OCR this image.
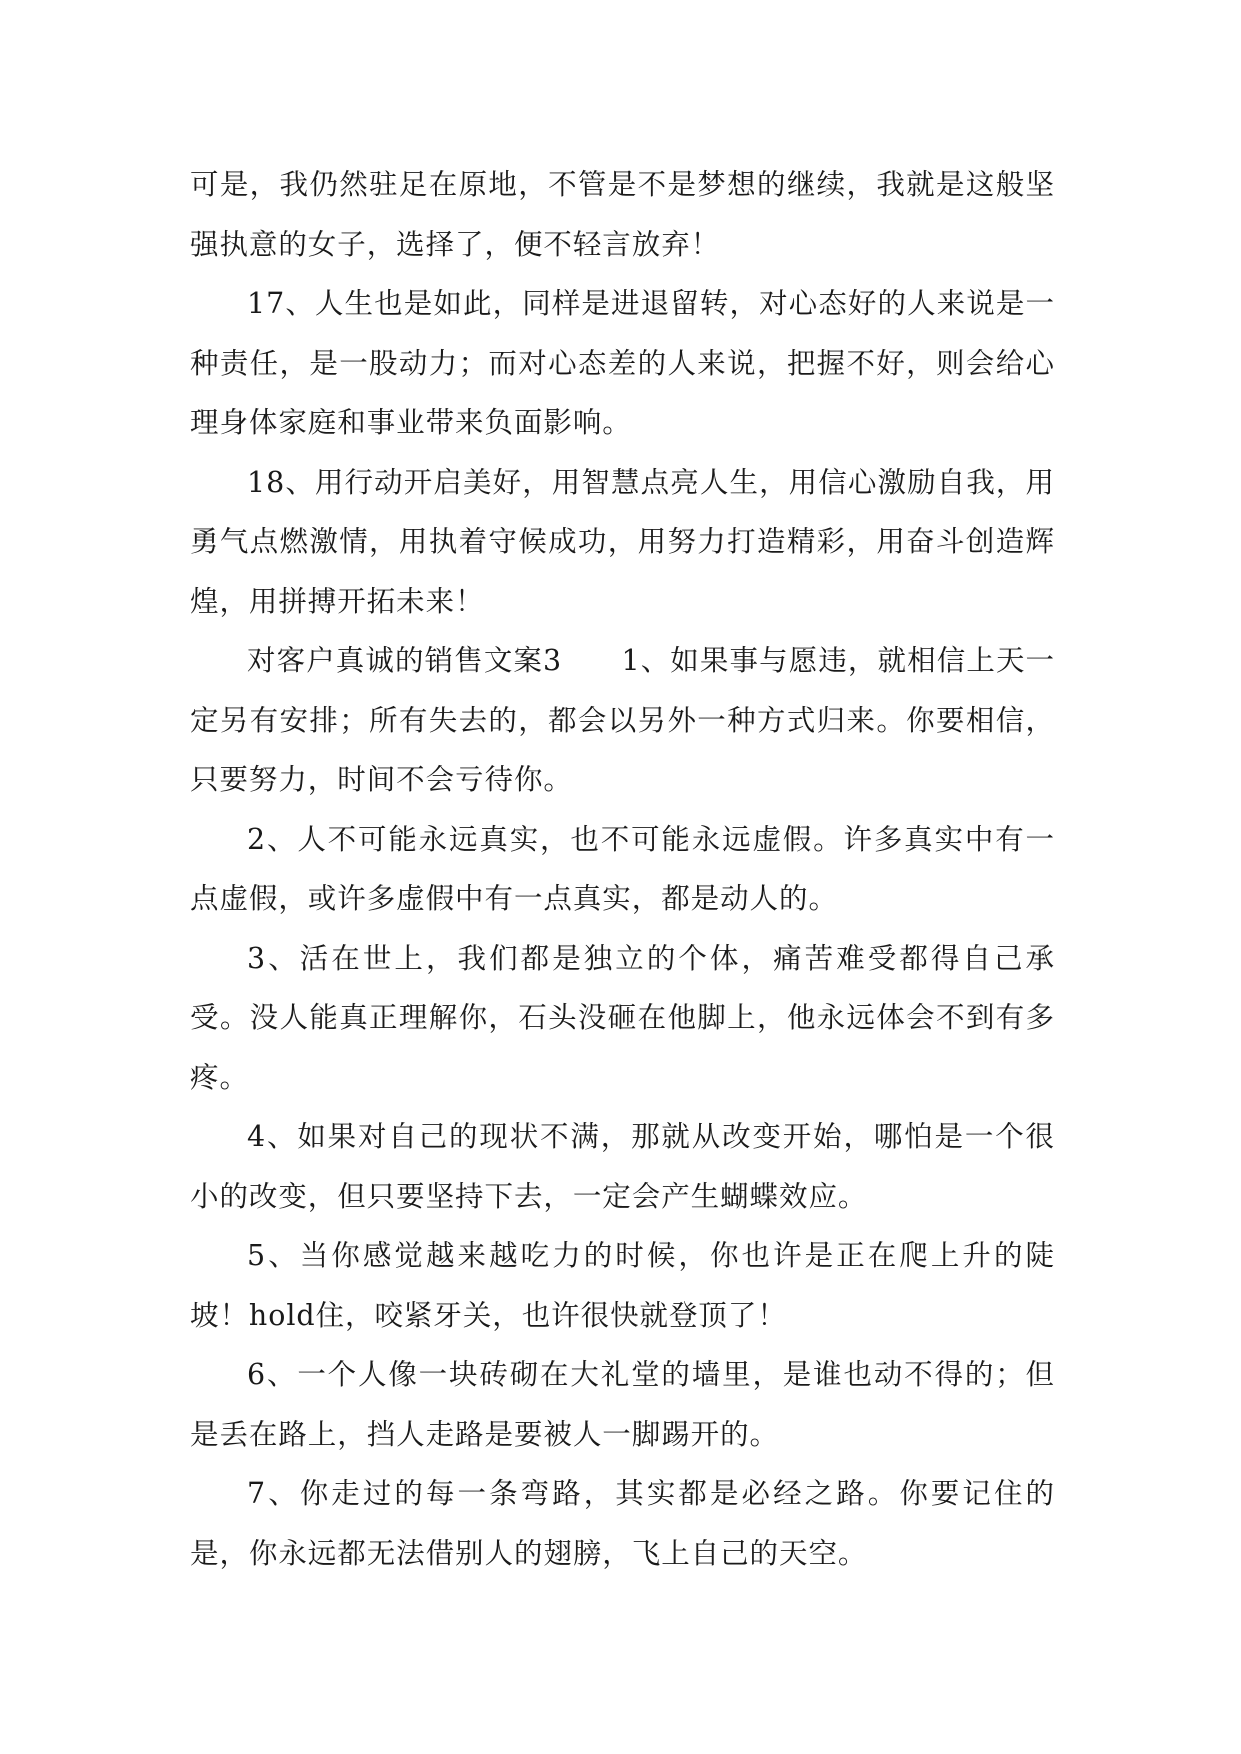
可是，我仍然驻足在原地，不管是不是梦想的继续，我就是这般坚强执意的女子，选择了，便不轻言放弃！

17、人生也是如此，同样是进退留转，对心态好的人来说是一种责任，是一股动力；而对心态差的人来说，把握不好，则会给心理身体家庭和事业带来负面影响。

18、用行动开启美好，用智慧点亮人生，用信心激励自我，用勇气点燃激情，用执着守候成功，用努力打造精彩，用奋斗创造辉煌，用拼搏开拓未来！

对客户真诚的销售文案3　　1、如果事与愿违，就相信上天一定另有安排；所有失去的，都会以另外一种方式归来。你要相信，只要努力，时间不会亏待你。

2、人不可能永远真实，也不可能永远虚假。许多真实中有一点虚假，或许多虚假中有一点真实，都是动人的。

3、活在世上，我们都是独立的个体，痛苦难受都得自己承受。没人能真正理解你，石头没砸在他脚上，他永远体会不到有多疼。

4、如果对自己的现状不满，那就从改变开始，哪怕是一个很小的改变，但只要坚持下去，一定会产生蝴蝶效应。

5、当你感觉越来越吃力的时候，你也许是正在爬上升的陡坡！hold住，咬紧牙关，也许很快就登顶了！

6、一个人像一块砖砌在大礼堂的墙里，是谁也动不得的；但是丢在路上，挡人走路是要被人一脚踢开的。

7、你走过的每一条弯路，其实都是必经之路。你要记住的是，你永远都无法借别人的翅膀，飞上自己的天空。
